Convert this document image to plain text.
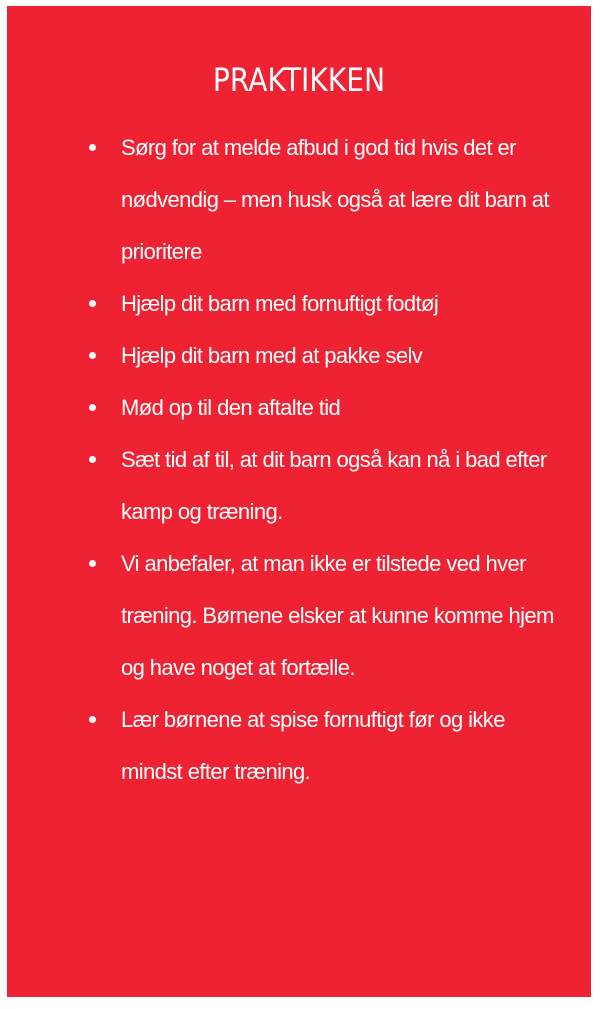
PRAKTIKKEN
Sørg for at melde afbud i god tid hvis det er nødvendig – men husk også at lære dit barn at prioritere
Hjælp dit barn med fornuftigt fodtøj
Hjælp dit barn med at pakke selv
Mød op til den aftalte tid
Sæt tid af til, at dit barn også kan nå i bad efter kamp og træning.
Vi anbefaler, at man ikke er tilstede ved hver træning. Børnene elsker at kunne komme hjem og have noget at fortælle.
Lær børnene at spise fornuftigt før og ikke mindst efter træning.
